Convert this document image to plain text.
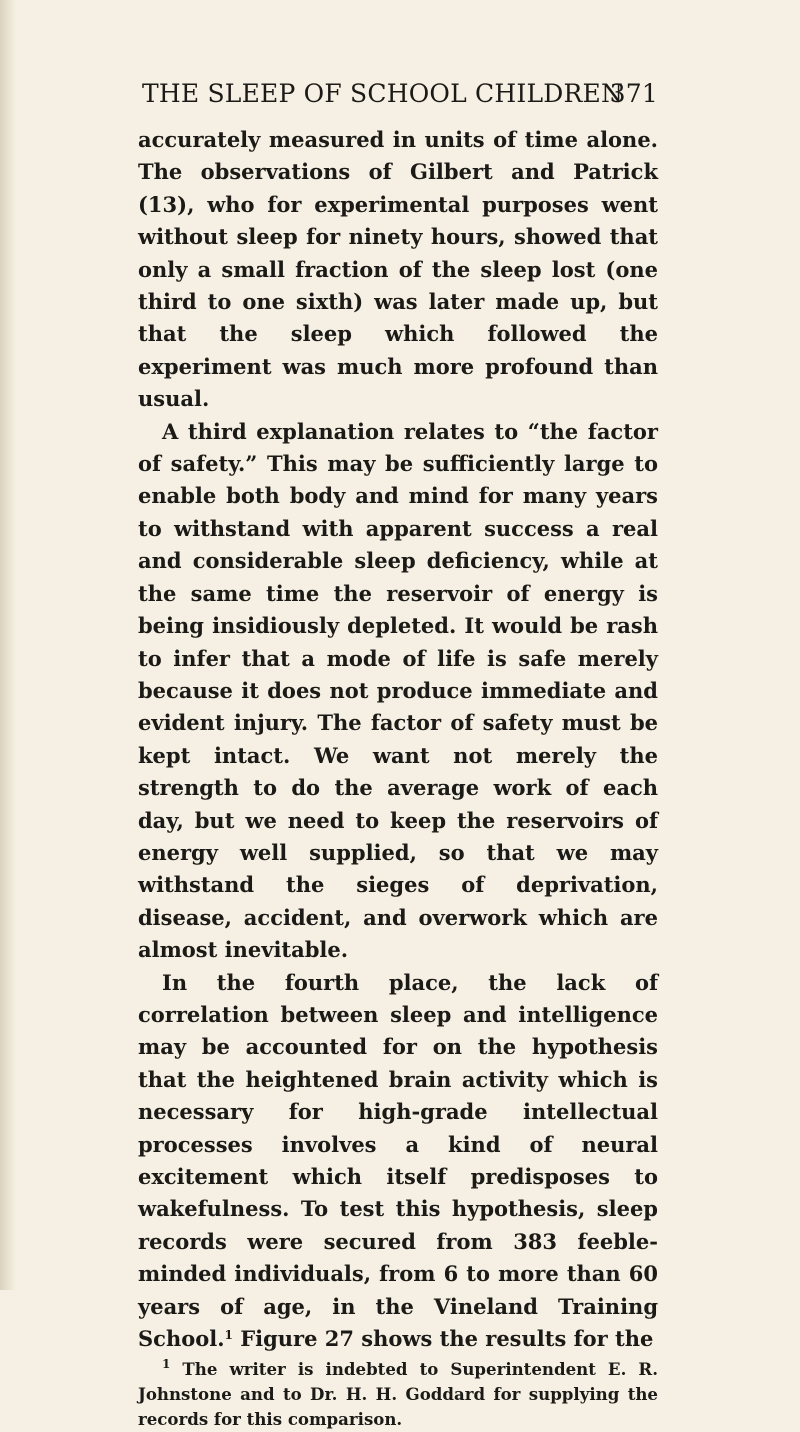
THE SLEEP OF SCHOOL CHILDREN
371

accurately measured in units of time alone. The observations of Gilbert and Patrick (13), who for experimental purposes went without sleep for ninety hours, showed that only a small fraction of the sleep lost (one third to one sixth) was later made up, but that the sleep which followed the experiment was much more profound than usual.

A third explanation relates to “the factor of safety.” This may be sufficiently large to enable both body and mind for many years to withstand with apparent success a real and considerable sleep deficiency, while at the same time the reservoir of energy is being insidiously depleted. It would be rash to infer that a mode of life is safe merely because it does not produce immediate and evident injury. The factor of safety must be kept intact. We want not merely the strength to do the average work of each day, but we need to keep the reservoirs of energy well supplied, so that we may withstand the sieges of deprivation, disease, accident, and overwork which are almost inevitable.

In the fourth place, the lack of correlation between sleep and intelligence may be accounted for on the hypothesis that the heightened brain activity which is necessary for high-grade intellectual processes involves a kind of neural excitement which itself predisposes to wakefulness. To test this hypothesis, sleep records were secured from 383 feeble-minded individuals, from 6 to more than 60 years of age, in the Vineland Training School.$^1$ Figure 27 shows the results for the

$^1$ The writer is indebted to Superintendent E. R. Johnstone and to Dr. H. H. Goddard for supplying the records for this comparison.
